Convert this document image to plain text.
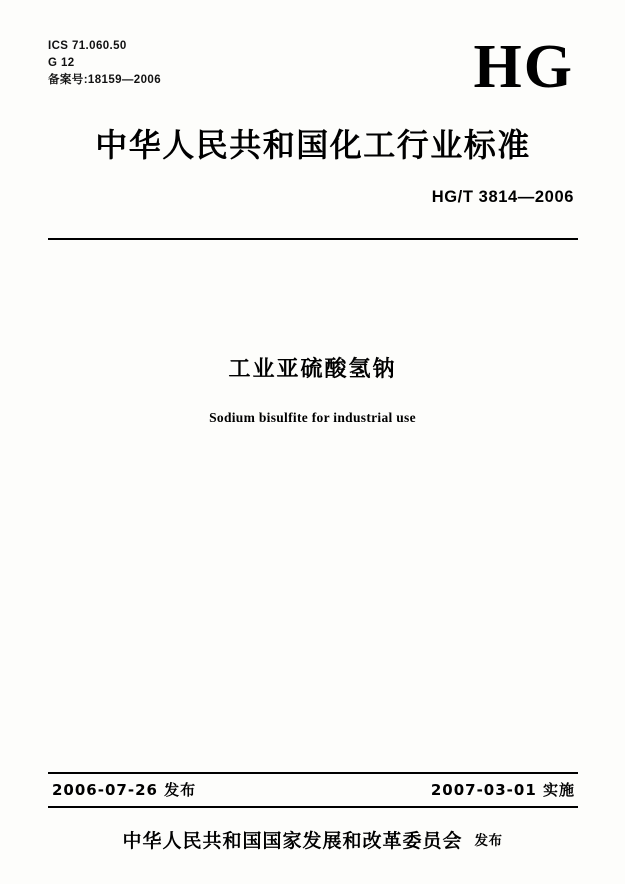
ICS 71.060.50
G 12
备案号:18159—2006	HG
中华人民共和国化工行业标准
HG/T 3814—2006
工业亚硫酸氢钠
Sodium bisulfite for industrial use
2006-07-26 发布	2007-03-01 实施
中华人民共和国国家发展和改革委员会 发布
